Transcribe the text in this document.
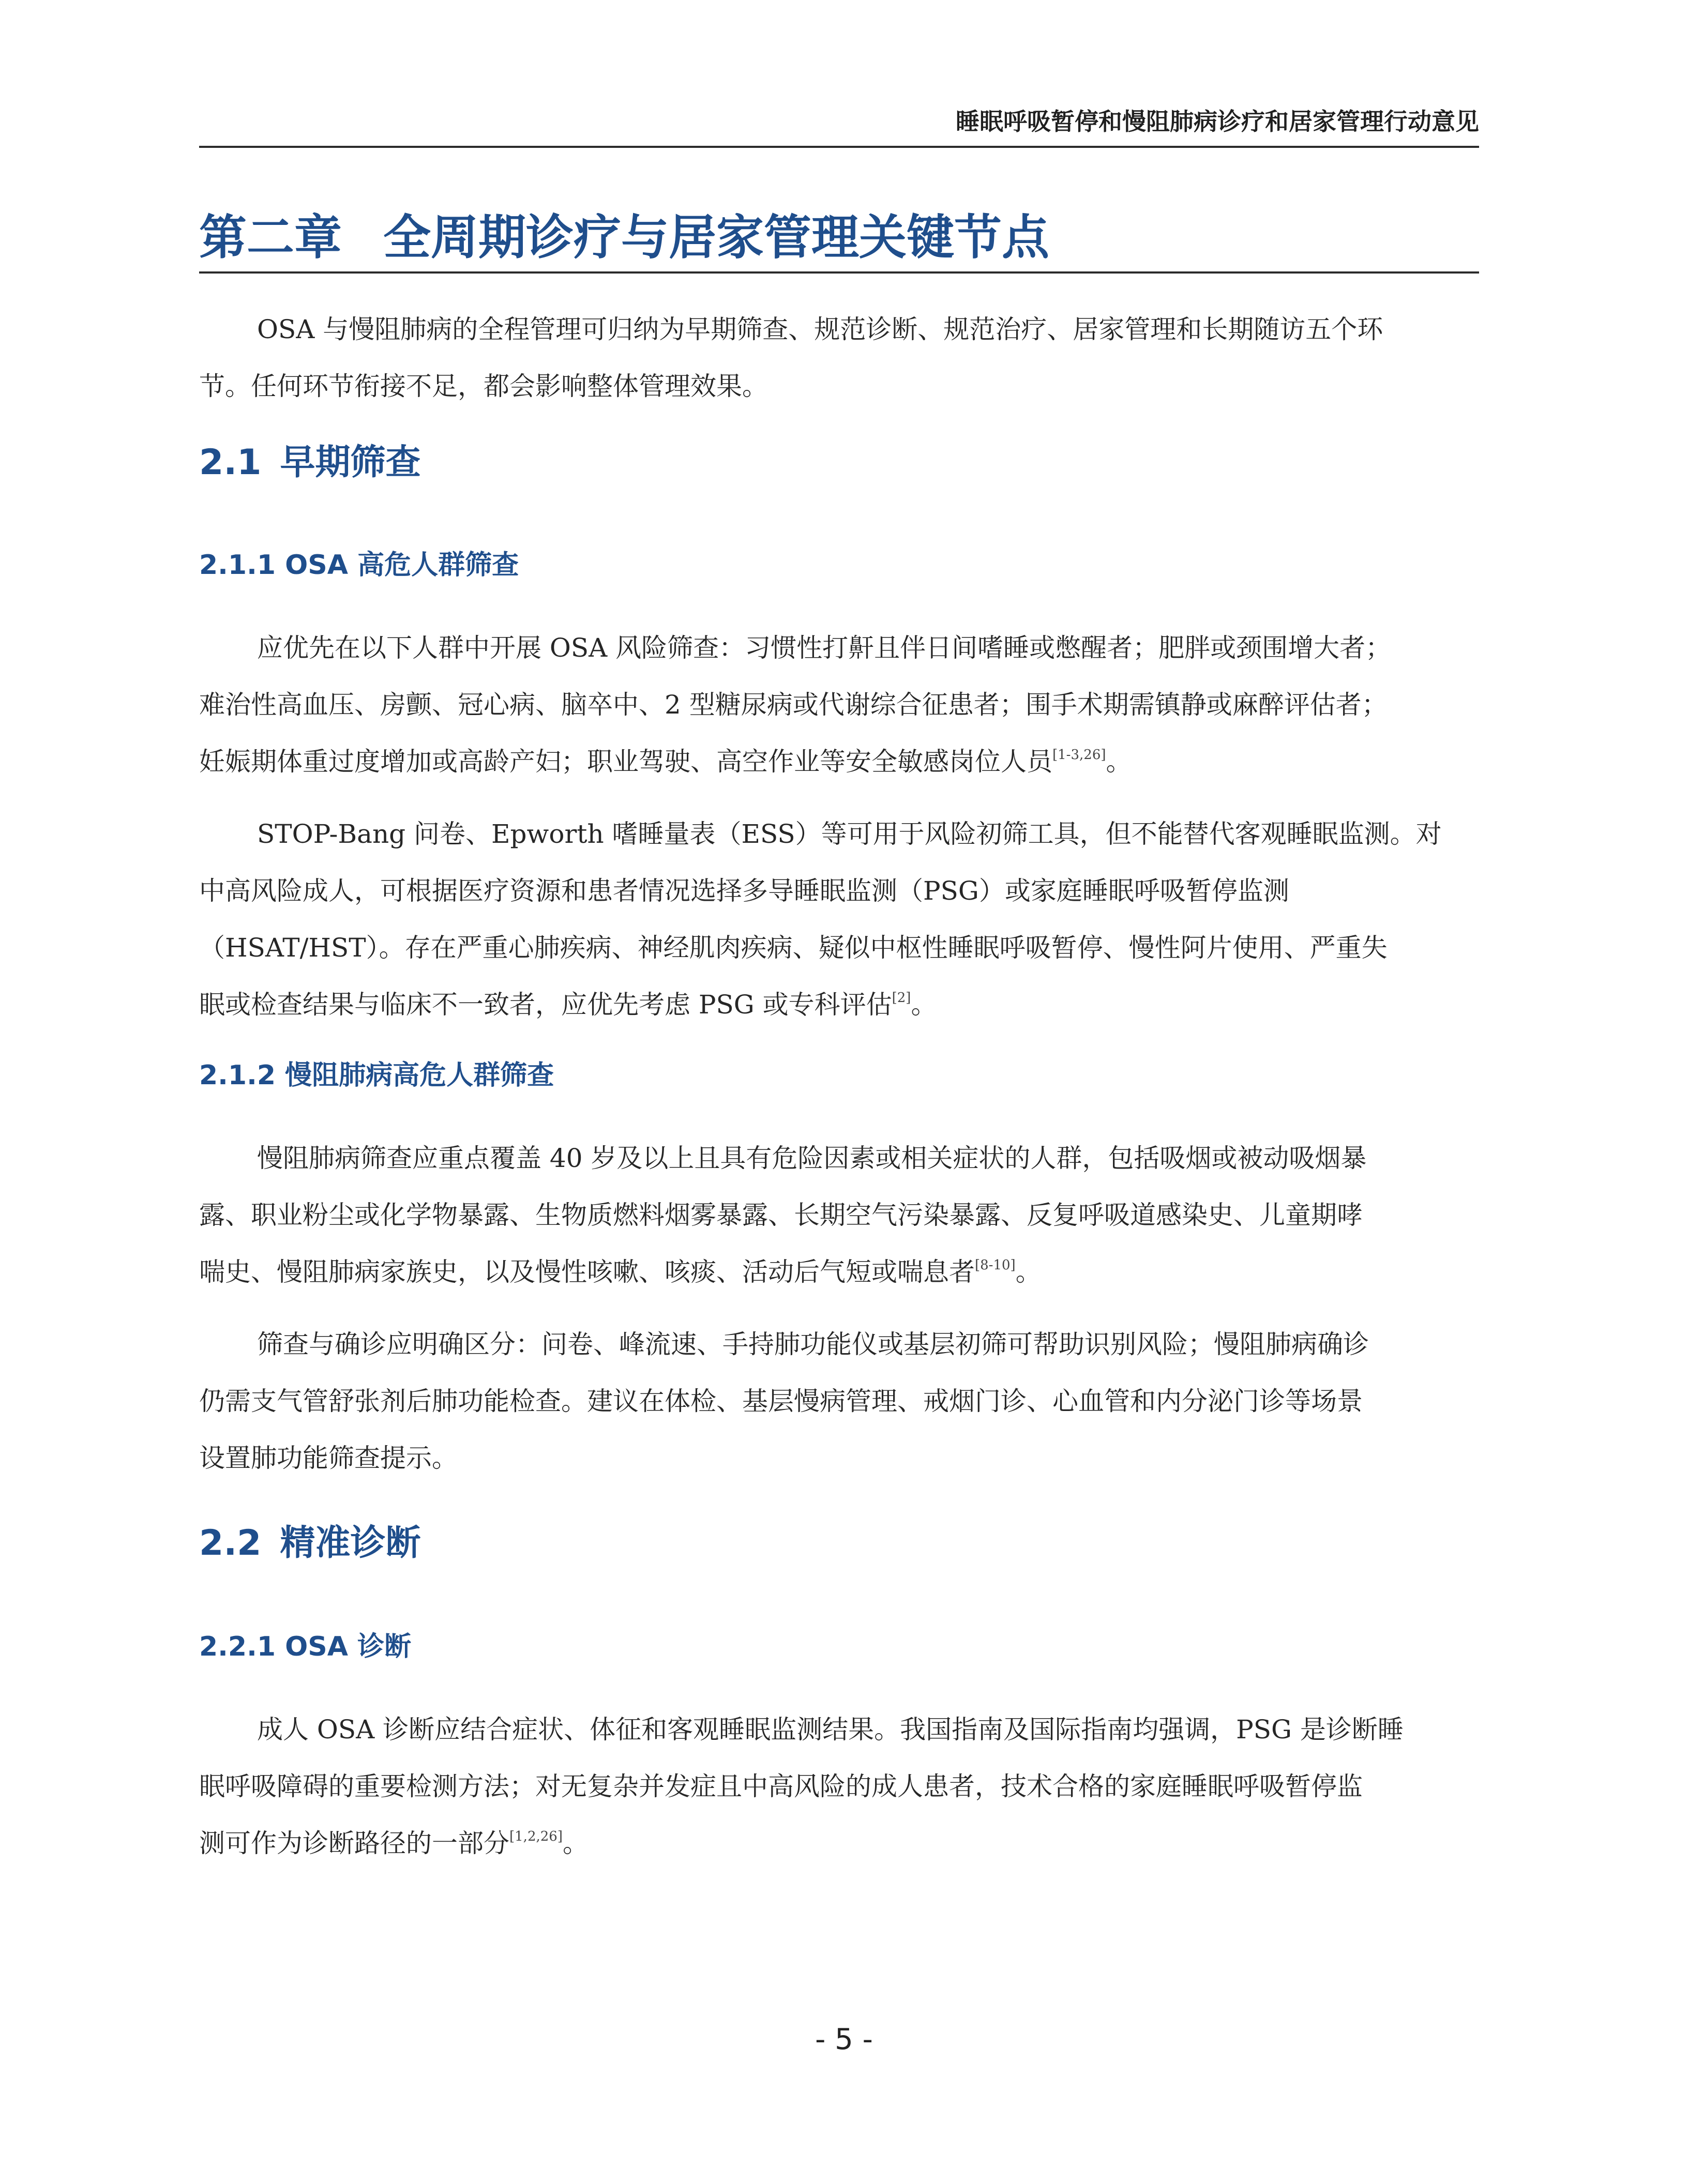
睡眠呼吸暂停和慢阻肺病诊疗和居家管理行动意见
第二章 全周期诊疗与居家管理关键节点

OSA 与慢阻肺病的全程管理可归纳为早期筛查、规范诊断、规范治疗、居家管理和长期随访五个环
节。任何环节衔接不足，都会影响整体管理效果。

2.1 早期筛查
2.1.1 OSA 高危人群筛查

应优先在以下人群中开展 OSA 风险筛查：习惯性打鼾且伴日间嗜睡或憋醒者；肥胖或颈围增大者；
难治性高血压、房颤、冠心病、脑卒中、2 型糖尿病或代谢综合征患者；围手术期需镇静或麻醉评估者；
妊娠期体重过度增加或高龄产妇；职业驾驶、高空作业等安全敏感岗位人员[1-3,26]。

STOP-Bang 问卷、Epworth 嗜睡量表（ESS）等可用于风险初筛工具，但不能替代客观睡眠监测。对
中高风险成人，可根据医疗资源和患者情况选择多导睡眠监测（PSG）或家庭睡眠呼吸暂停监测
（HSAT/HST）。存在严重心肺疾病、神经肌肉疾病、疑似中枢性睡眠呼吸暂停、慢性阿片使用、严重失
眠或检查结果与临床不一致者，应优先考虑 PSG 或专科评估[2]。

2.1.2 慢阻肺病高危人群筛查

慢阻肺病筛查应重点覆盖 40 岁及以上且具有危险因素或相关症状的人群，包括吸烟或被动吸烟暴
露、职业粉尘或化学物暴露、生物质燃料烟雾暴露、长期空气污染暴露、反复呼吸道感染史、儿童期哮
喘史、慢阻肺病家族史，以及慢性咳嗽、咳痰、活动后气短或喘息者[8-10]。

筛查与确诊应明确区分：问卷、峰流速、手持肺功能仪或基层初筛可帮助识别风险；慢阻肺病确诊
仍需支气管舒张剂后肺功能检查。建议在体检、基层慢病管理、戒烟门诊、心血管和内分泌门诊等场景
设置肺功能筛查提示。

2.2 精准诊断
2.2.1 OSA 诊断

成人 OSA 诊断应结合症状、体征和客观睡眠监测结果。我国指南及国际指南均强调，PSG 是诊断睡
眠呼吸障碍的重要检测方法；对无复杂并发症且中高风险的成人患者，技术合格的家庭睡眠呼吸暂停监
测可作为诊断路径的一部分[1,2,26]。

- 5 -
